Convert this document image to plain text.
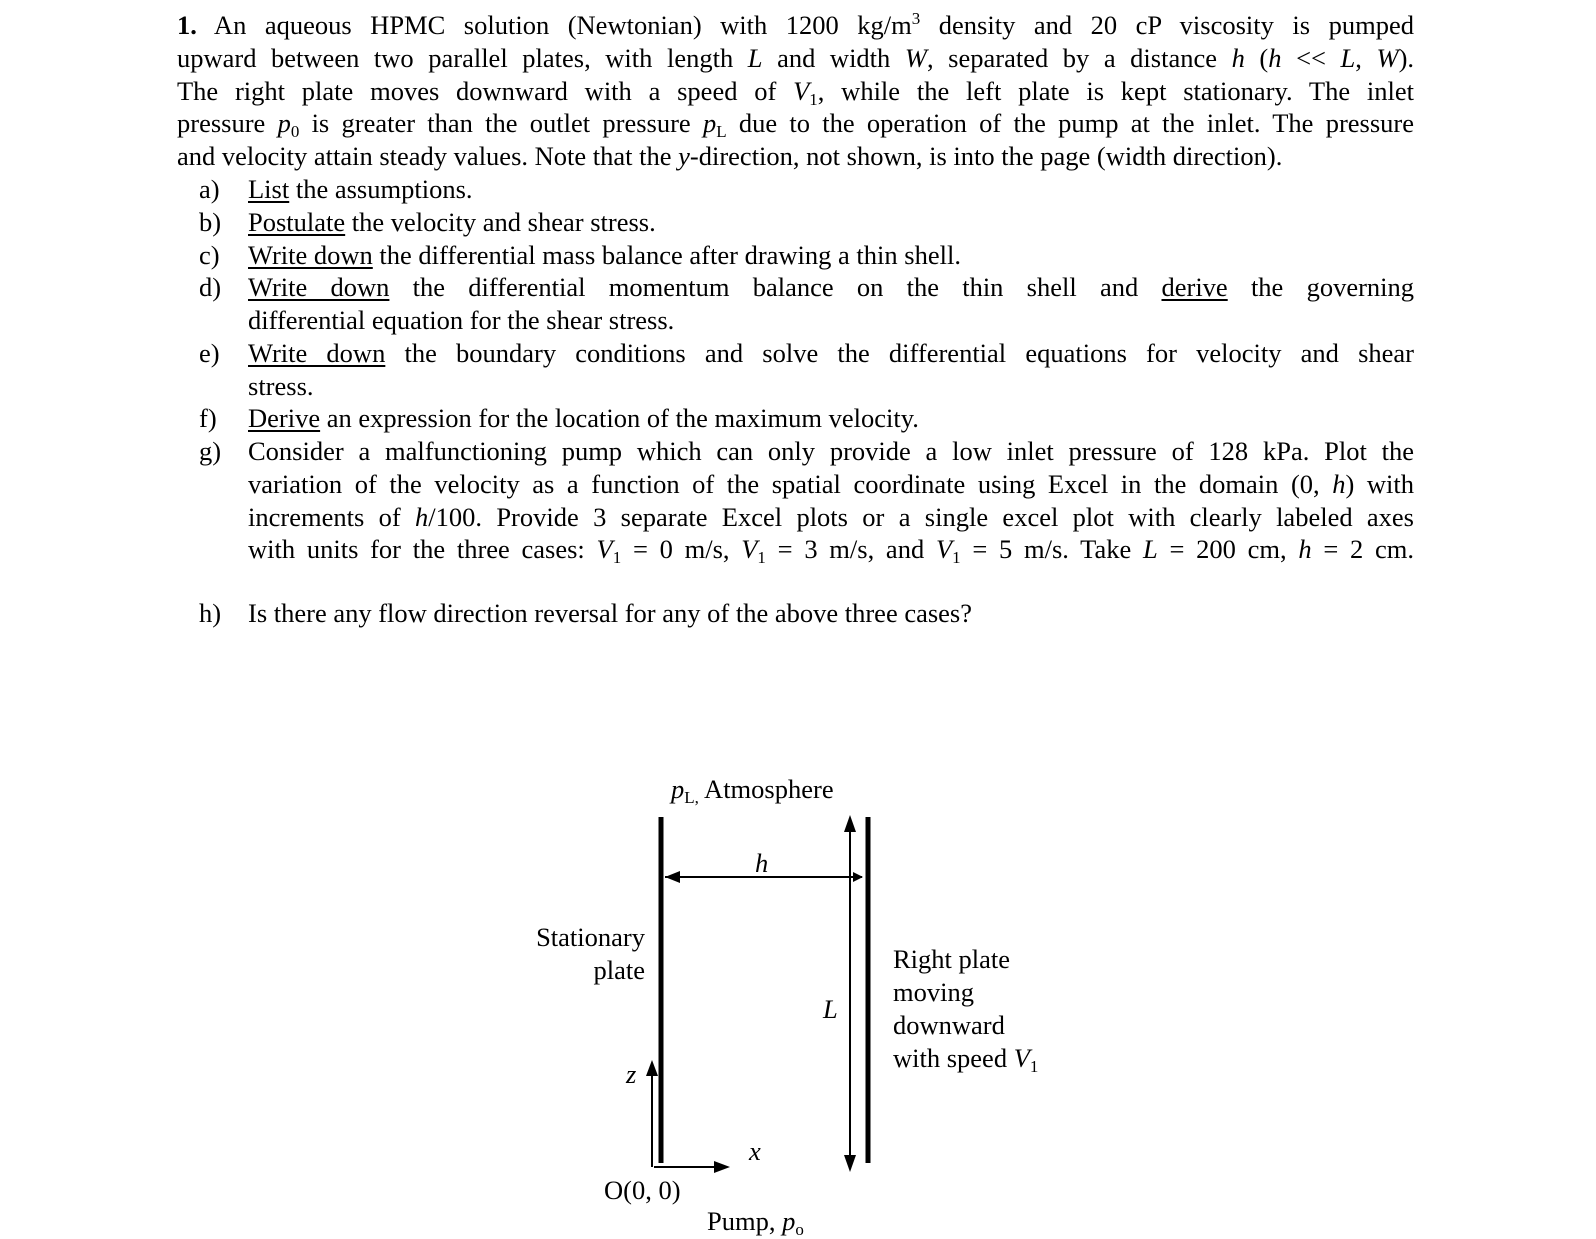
1. An aqueous HPMC solution (Newtonian) with 1200 $kg/m^3$ density and 20 cP viscosity is pumped
upward between two parallel plates, with length L and width W, separated by a distance h (h << L, W).
The right plate moves downward with a speed of $V_1$, while the left plate is kept stationary. The inlet
pressure $p_0$ is greater than the outlet pressure $p_L$ due to the operation of the pump at the inlet. The pressure
and velocity attain steady values. Note that the y-direction, not shown, is into the page (width direction).
a) List the assumptions.
b) Postulate the velocity and shear stress.
c) Write down the differential mass balance after drawing a thin shell.
d) Write down the differential momentum balance on the thin shell and derive the governing
differential equation for the shear stress.
e) Write down the boundary conditions and solve the differential equations for velocity and shear
stress.
f) Derive an expression for the location of the maximum velocity.
g) Consider a malfunctioning pump which can only provide a low inlet pressure of 128 kPa. Plot the
variation of the velocity as a function of the spatial coordinate using Excel in the domain (0, h) with
increments of h/100. Provide 3 separate Excel plots or a single excel plot with clearly labeled axes
with units for the three cases: $V_1 = 0$ m/s, $V_1 = 3$ m/s, and $V_1 = 5$ m/s. Take L = 200 cm, h = 2 cm.
h) Is there any flow direction reversal for any of the above three cases?
$p_{L,}$ Atmosphere
h
L
Stationary
plate	Right plate
moving
downward
with speed $V_1$
z
x
O(0, 0)
Pump, $p_o$
